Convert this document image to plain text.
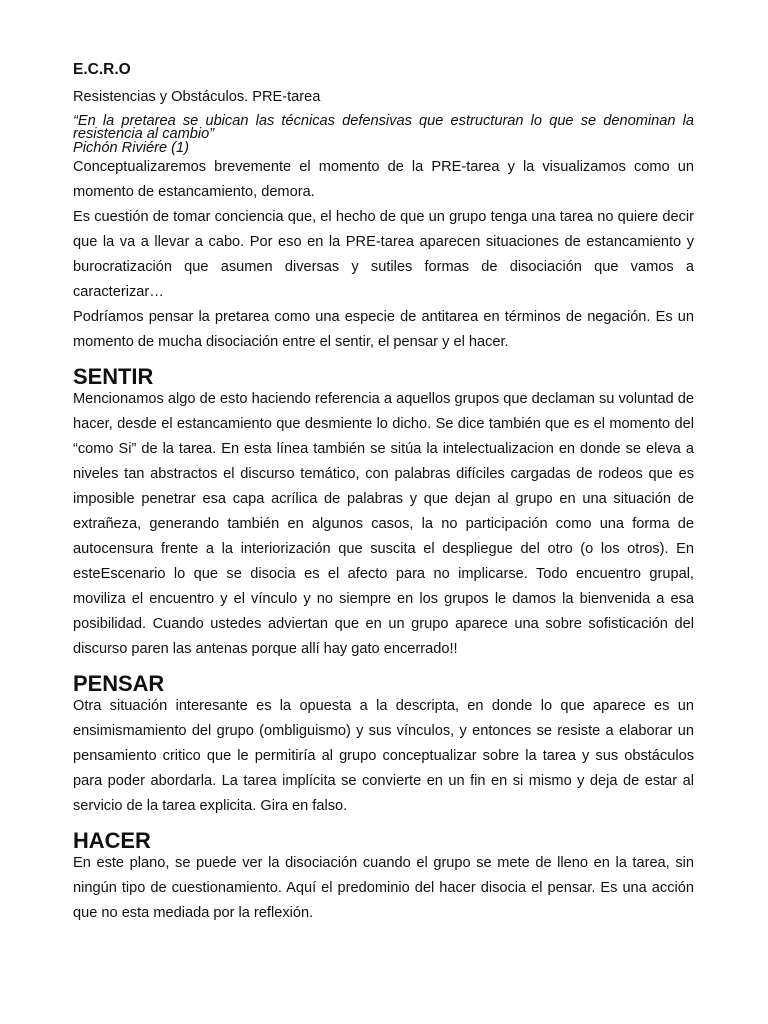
E.C.R.O

Resistencias y Obstáculos. PRE-tarea

“En la pretarea se ubican las técnicas defensivas que estructuran lo que se denominan la resistencia al cambio”

Pichón Riviére (1)

Conceptualizaremos brevemente el momento de la PRE-tarea y la visualizamos como un momento de estancamiento, demora.

Es cuestión de tomar conciencia que, el hecho de que un grupo tenga una tarea no quiere decir que la va a llevar a cabo. Por eso en la PRE-tarea aparecen situaciones de estancamiento y burocratización que asumen diversas y sutiles formas de disociación que vamos a caracterizar…

Podríamos pensar la pretarea como una especie de antitarea en términos de negación. Es un momento de mucha disociación entre el sentir, el pensar y el hacer.

SENTIR

Mencionamos algo de esto haciendo referencia a aquellos grupos que declaman su voluntad de hacer, desde el estancamiento que desmiente lo dicho. Se dice también que es el momento del “como Si” de la tarea. En esta línea también se sitúa la intelectualizacion en donde se eleva a niveles tan abstractos el discurso temático, con palabras difíciles cargadas de rodeos que es imposible penetrar esa capa acrílica de palabras y que dejan al grupo en una situación de extrañeza, generando también en algunos casos, la no participación como una forma de autocensura frente a la interiorización que suscita el despliegue del otro (o los otros). En esteEscenario lo que se disocia es el afecto para no implicarse. Todo encuentro grupal, moviliza el encuentro y el vínculo y no siempre en los grupos le damos la bienvenida a esa posibilidad. Cuando ustedes adviertan que en un grupo aparece una sobre sofisticación del discurso paren las antenas porque allí hay gato encerrado!!

PENSAR

Otra situación interesante es la opuesta a la descripta, en donde lo que aparece es un ensimismamiento del grupo (ombliguismo) y sus vínculos, y entonces se resiste a elaborar un pensamiento critico que le permitiría al grupo conceptualizar sobre la tarea y sus obstáculos para poder abordarla. La tarea implícita se convierte en un fin en si mismo y deja de estar al servicio de la tarea explicita. Gira en falso.

HACER

En este plano, se puede ver la disociación cuando el grupo se mete de lleno en la tarea, sin ningún tipo de cuestionamiento. Aquí el predominio del hacer disocia el pensar. Es una acción que no esta mediada por la reflexión.
